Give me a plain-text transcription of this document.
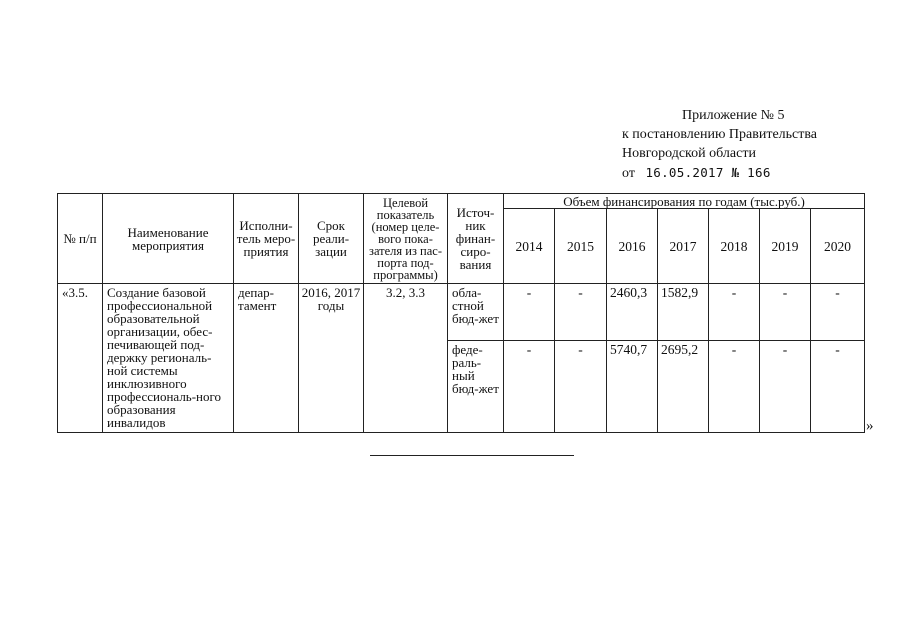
Приложение № 5
к постановлению Правительства
Новгородской области
от 16.05.2017 № 166
№ п/п	Наименование мероприятия	Исполни-тель меро-приятия	Срок реали-зации	Целевой показатель (номер целе-вого пока-зателя из пас-порта под-программы)	Источ-ник финан-сиро-вания	Объем финансирования по годам (тыс.руб.)						
						2014	2015	2016	2017	2018	2019	2020
«3.5.	Создание базовой профессиональной образовательной организации, обес-печивающей под-держку региональ-ной системы инклюзивного профессиональ-ного образования инвалидов	депар-тамент	2016, 2017 годы	3.2, 3.3	обла-стной бюд-жет	-	-	2460,3	1582,9	-	-	-
					феде-раль-ный бюд-жет	-	-	5740,7	2695,2	-	-	-
»
